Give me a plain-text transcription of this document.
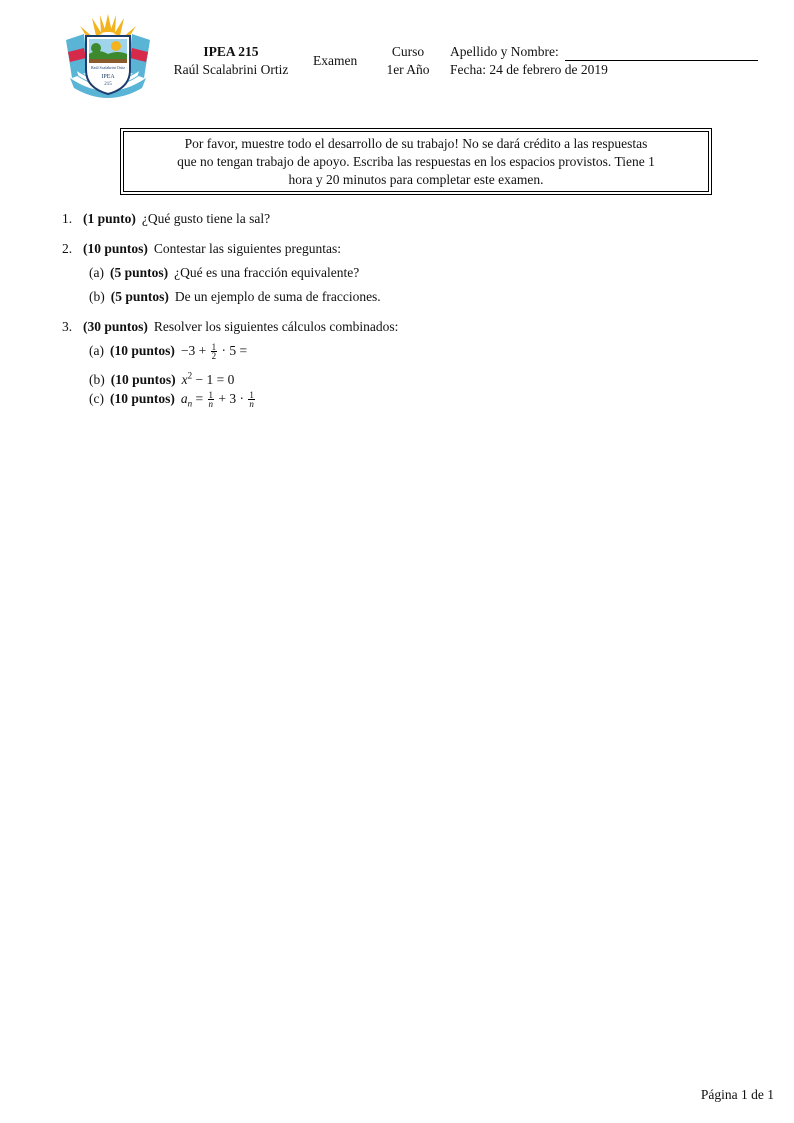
Raúl Scalabrini Ortiz
IPEA
215
IPEA 215
Raúl Scalabrini Ortiz
Examen
Curso
1er Año
Apellido y Nombre:
Fecha: 24 de febrero de 2019
Por favor, muestre todo el desarrollo de su trabajo! No se dará crédito a las respuestas
que no tengan trabajo de apoyo. Escriba las respuestas en los espacios provistos. Tiene 1
hora y 20 minutos para completar este examen.
1. (1 punto) ¿Qué gusto tiene la sal?
2. (10 puntos) Contestar las siguientes preguntas:
(a) (5 puntos) ¿Qué es una fracción equivalente?
(b) (5 puntos) De un ejemplo de suma de fracciones.
3. (30 puntos) Resolver los siguientes cálculos combinados:
(a) (10 puntos) $-3 + \frac{1}{2} \cdot 5$ =
(b) (10 puntos) $x^2 - 1 = 0$
(c) (10 puntos) $a_n = \frac{1}{n} + 3 \cdot \frac{1}{n}$
Página 1 de 1
